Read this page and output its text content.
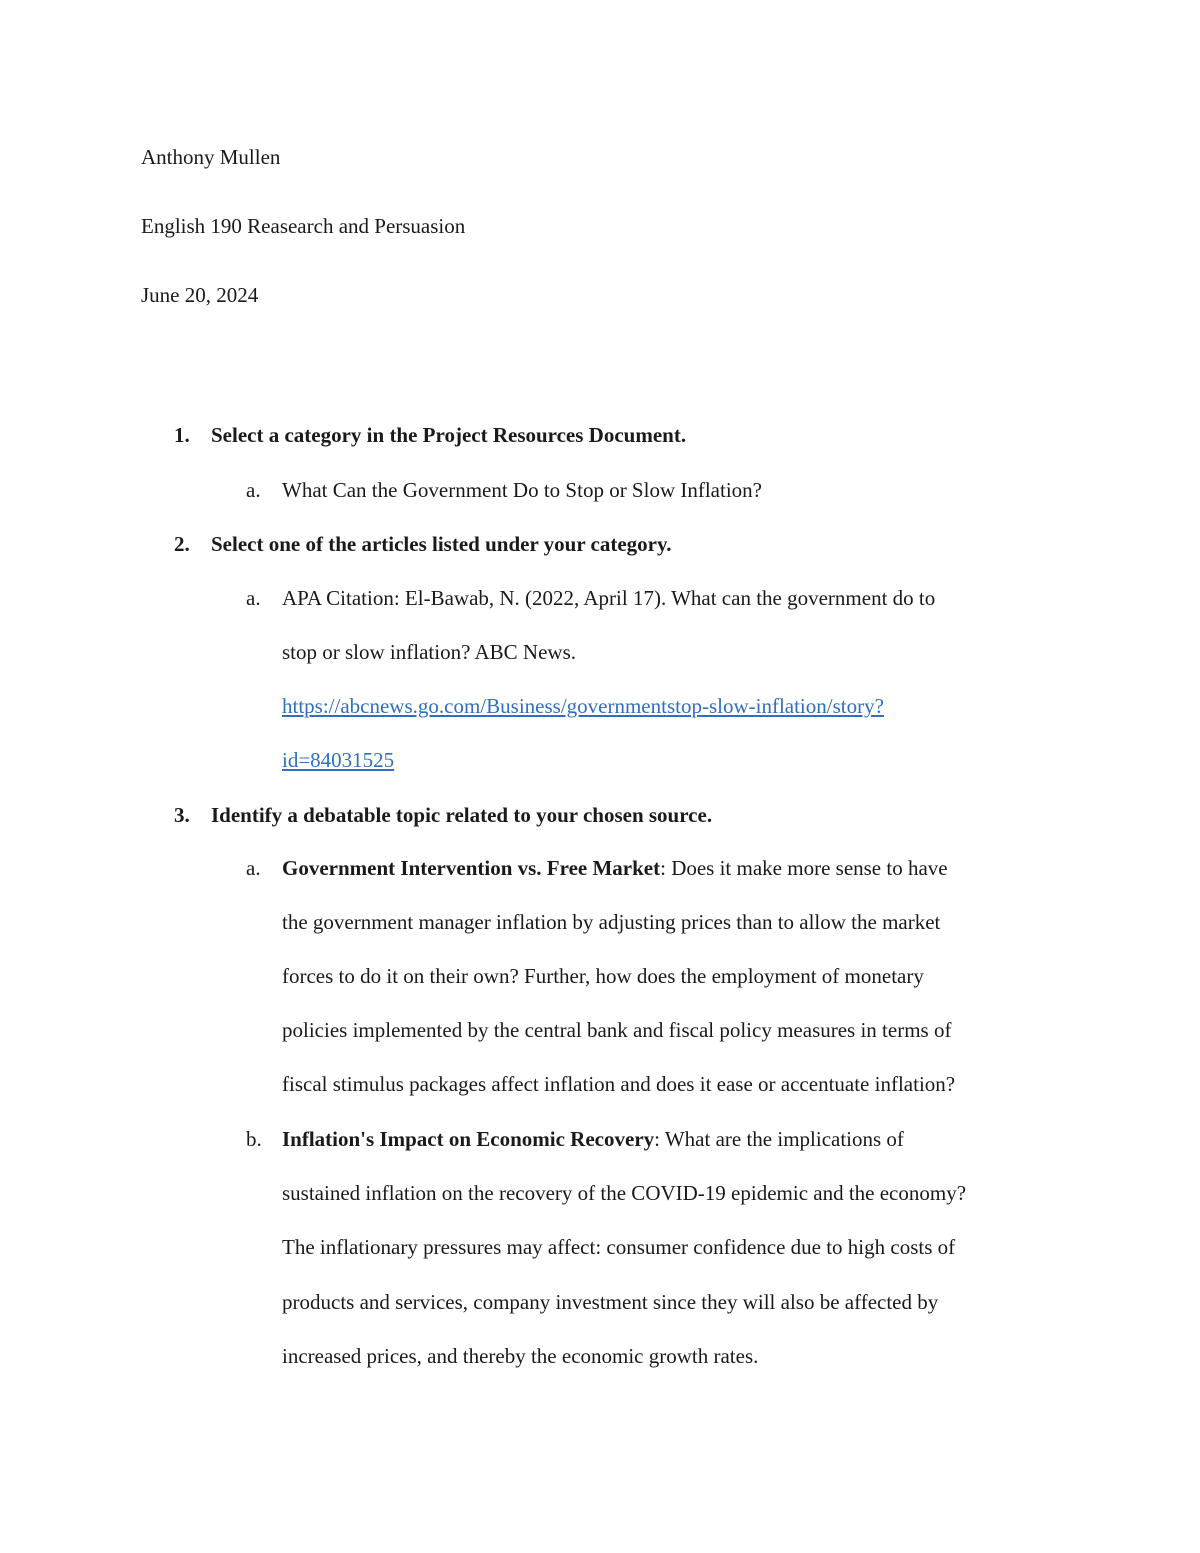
Anthony Mullen
English 190 Reasearch and Persuasion
June 20, 2024
1. Select a category in the Project Resources Document.
a. What Can the Government Do to Stop or Slow Inflation?
2. Select one of the articles listed under your category.
a. APA Citation: El-Bawab, N. (2022, April 17). What can the government do to
stop or slow inflation? ABC News.
https://abcnews.go.com/Business/governmentstop-slow-inflation/story?
id=84031525
3. Identify a debatable topic related to your chosen source.
a. Government Intervention vs. Free Market: Does it make more sense to have
the government manager inflation by adjusting prices than to allow the market
forces to do it on their own? Further, how does the employment of monetary
policies implemented by the central bank and fiscal policy measures in terms of
fiscal stimulus packages affect inflation and does it ease or accentuate inflation?
b. Inflation's Impact on Economic Recovery: What are the implications of
sustained inflation on the recovery of the COVID-19 epidemic and the economy?
The inflationary pressures may affect: consumer confidence due to high costs of
products and services, company investment since they will also be affected by
increased prices, and thereby the economic growth rates.
